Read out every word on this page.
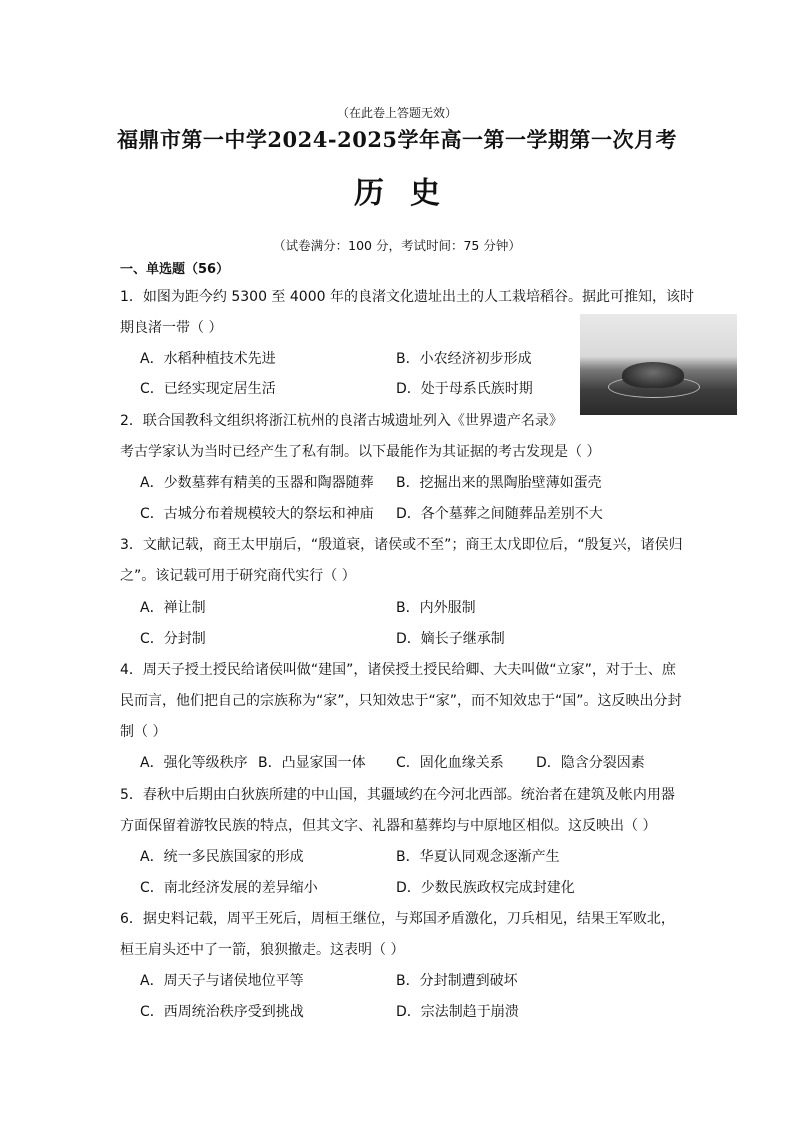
（在此卷上答题无效）
福鼎市第一中学2024-2025学年高一第一学期第一次月考
历史
（试卷满分：100 分，考试时间：75 分钟）
一、单选题（56）
1．如图为距今约 5300 至 4000 年的良渚文化遗址出土的人工栽培稻谷。据此可推知，该时
期良渚一带（ ）
A．水稻种植技术先进	B．小农经济初步形成
C．已经实现定居生活	D．处于母系氏族时期
2．联合国教科文组织将浙江杭州的良渚古城遗址列入《世界遗产名录》
考古学家认为当时已经产生了私有制。以下最能作为其证据的考古发现是（ ）
A．少数墓葬有精美的玉器和陶器随葬 B．挖掘出来的黑陶胎壁薄如蛋壳
C．古城分布着规模较大的祭坛和神庙 D．各个墓葬之间随葬品差别不大
3．文献记载，商王太甲崩后，“殷道衰，诸侯或不至”；商王太戊即位后，“殷复兴，诸侯归
之”。该记载可用于研究商代实行（ ）
A．禅让制	B．内外服制
C．分封制	D．嫡长子继承制
4．周天子授土授民给诸侯叫做“建国”，诸侯授土授民给卿、大夫叫做“立家”，对于士、庶
民而言，他们把自己的宗族称为“家”，只知效忠于“家”，而不知效忠于“国”。这反映出分封
制（ ）
A．强化等级秩序 B．凸显家国一体 C．固化血缘关系 D．隐含分裂因素
5．春秋中后期由白狄族所建的中山国，其疆域约在今河北西部。统治者在建筑及帐内用器
方面保留着游牧民族的特点，但其文字、礼器和墓葬均与中原地区相似。这反映出（ ）
A．统一多民族国家的形成	B．华夏认同观念逐渐产生
C．南北经济发展的差异缩小	D．少数民族政权完成封建化
6．据史料记载，周平王死后，周桓王继位，与郑国矛盾激化，刀兵相见，结果王军败北，
桓王肩头还中了一箭，狼狈撤走。这表明（ ）
A．周天子与诸侯地位平等	B．分封制遭到破坏
C．西周统治秩序受到挑战	D．宗法制趋于崩溃
